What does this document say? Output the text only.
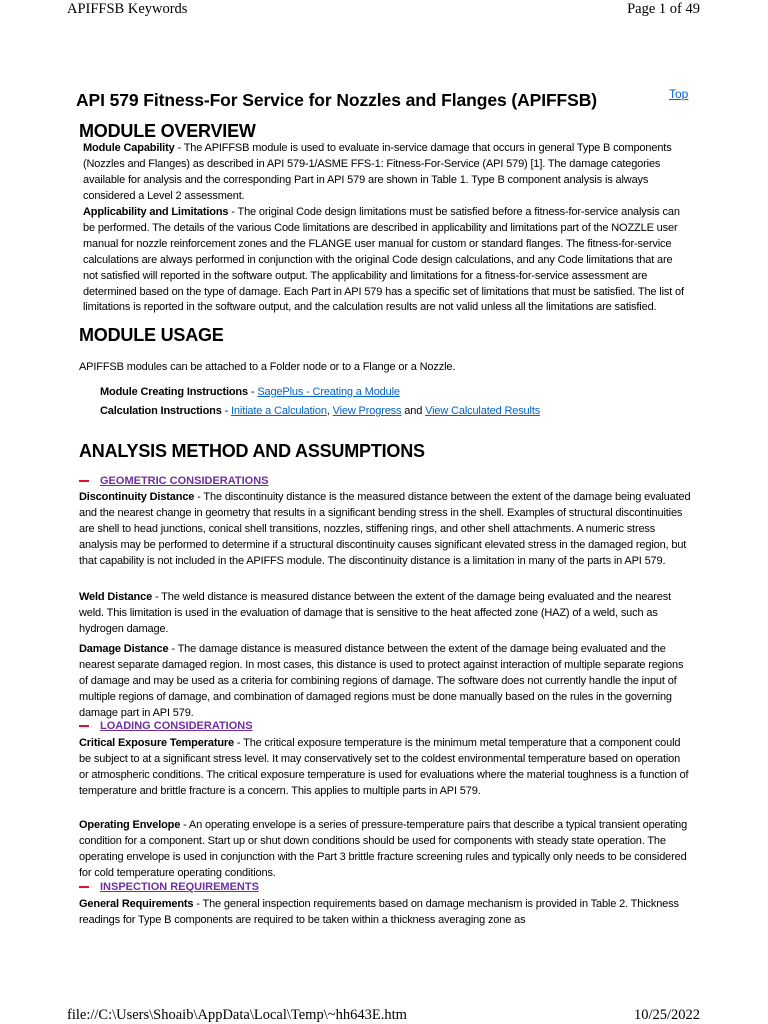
APIFFSB Keywords	Page 1 of 49
API 579 Fitness-For Service for Nozzles and Flanges (APIFFSB)	Top
MODULE OVERVIEW
Module Capability - The APIFFSB module is used to evaluate in-service damage that occurs in general Type B components (Nozzles and Flanges) as described in API 579-1/ASME FFS-1: Fitness-For-Service (API 579) [1]. The damage categories available for analysis and the corresponding Part in API 579 are shown in Table 1. Type B component analysis is always considered a Level 2 assessment.
Applicability and Limitations - The original Code design limitations must be satisfied before a fitness-for-service analysis can be performed. The details of the various Code limitations are described in applicability and limitations part of the NOZZLE user manual for nozzle reinforcement zones and the FLANGE user manual for custom or standard flanges. The fitness-for-service calculations are always performed in conjunction with the original Code design calculations, and any Code limitations that are not satisfied will reported in the software output. The applicability and limitations for a fitness-for-service assessment are determined based on the type of damage. Each Part in API 579 has a specific set of limitations that must be satisfied. The list of limitations is reported in the software output, and the calculation results are not valid unless all the limitations are satisfied.
MODULE USAGE
APIFFSB modules can be attached to a Folder node or to a Flange or a Nozzle.
Module Creating Instructions - SagePlus - Creating a Module
Calculation Instructions - Initiate a Calculation, View Progress and View Calculated Results
ANALYSIS METHOD AND ASSUMPTIONS
GEOMETRIC CONSIDERATIONS
Discontinuity Distance - The discontinuity distance is the measured distance between the extent of the damage being evaluated and the nearest change in geometry that results in a significant bending stress in the shell. Examples of structural discontinuities are shell to head junctions, conical shell transitions, nozzles, stiffening rings, and other shell attachments. A numeric stress analysis may be performed to determine if a structural discontinuity causes significant elevated stress in the damaged region, but that capability is not included in the APIFFS module. The discontinuity distance is a limitation in many of the parts in API 579.
Weld Distance - The weld distance is measured distance between the extent of the damage being evaluated and the nearest weld. This limitation is used in the evaluation of damage that is sensitive to the heat affected zone (HAZ) of a weld, such as hydrogen damage.
Damage Distance - The damage distance is measured distance between the extent of the damage being evaluated and the nearest separate damaged region. In most cases, this distance is used to protect against interaction of multiple separate regions of damage and may be used as a criteria for combining regions of damage. The software does not currently handle the input of multiple regions of damage, and combination of damaged regions must be done manually based on the rules in the governing damage part in API 579.
LOADING CONSIDERATIONS
Critical Exposure Temperature - The critical exposure temperature is the minimum metal temperature that a component could be subject to at a significant stress level. It may conservatively set to the coldest environmental temperature based on operation or atmospheric conditions. The critical exposure temperature is used for evaluations where the material toughness is a function of temperature and brittle fracture is a concern. This applies to multiple parts in API 579.
Operating Envelope - An operating envelope is a series of pressure-temperature pairs that describe a typical transient operating condition for a component. Start up or shut down conditions should be used for components with steady state operation. The operating envelope is used in conjunction with the Part 3 brittle fracture screening rules and typically only needs to be considered for cold temperature operating conditions.
INSPECTION REQUIREMENTS
General Requirements - The general inspection requirements based on damage mechanism is provided in Table 2. Thickness readings for Type B components are required to be taken within a thickness averaging zone as
file://C:\Users\Shoaib\AppData\Local\Temp\~hh643E.htm	10/25/2022
